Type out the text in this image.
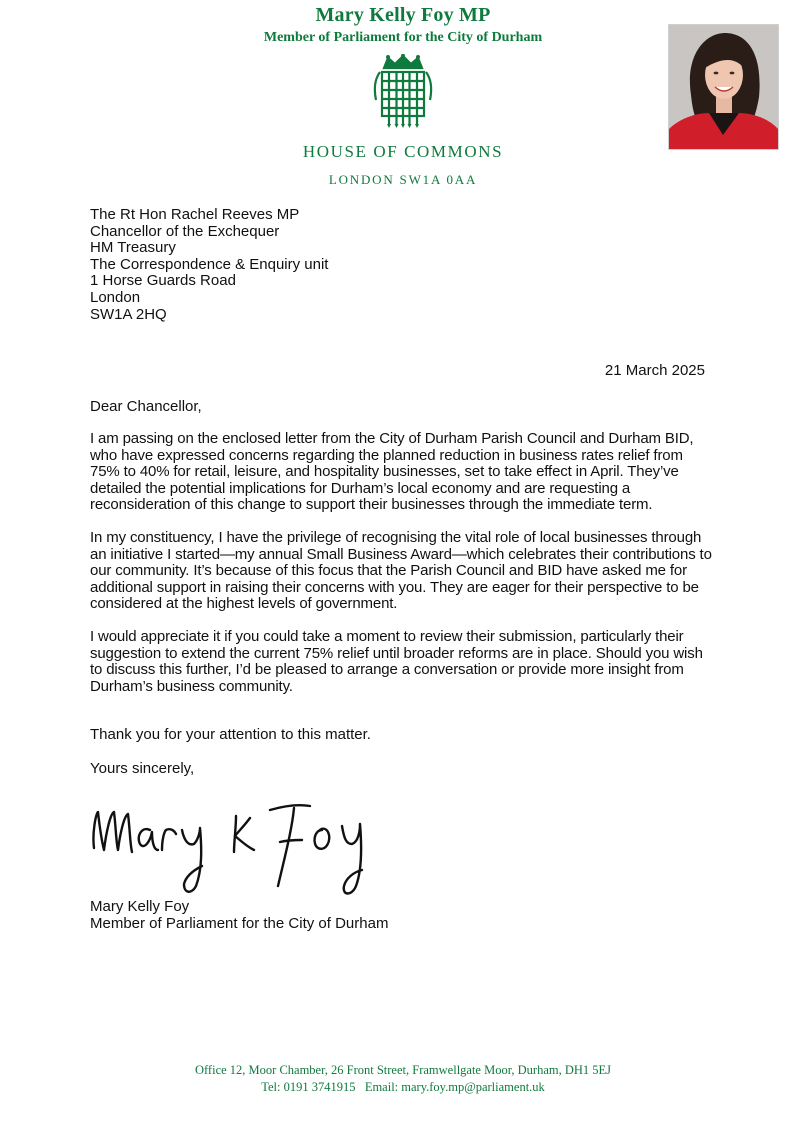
Mary Kelly Foy MP
Member of Parliament for the City of Durham
HOUSE OF COMMONS
LONDON SW1A 0AA
The Rt Hon Rachel Reeves MP
Chancellor of the Exchequer
HM Treasury
The Correspondence & Enquiry unit
1 Horse Guards Road
London
SW1A 2HQ
21 March 2025
Dear Chancellor,

I am passing on the enclosed letter from the City of Durham Parish Council and Durham BID, who have expressed concerns regarding the planned reduction in business rates relief from 75% to 40% for retail, leisure, and hospitality businesses, set to take effect in April. They’ve detailed the potential implications for Durham’s local economy and are requesting a reconsideration of this change to support their businesses through the immediate term.

In my constituency, I have the privilege of recognising the vital role of local businesses through an initiative I started—my annual Small Business Award—which celebrates their contributions to our community. It’s because of this focus that the Parish Council and BID have asked me for additional support in raising their concerns with you. They are eager for their perspective to be considered at the highest levels of government.

I would appreciate it if you could take a moment to review their submission, particularly their suggestion to extend the current 75% relief until broader reforms are in place. Should you wish to discuss this further, I’d be pleased to arrange a conversation or provide more insight from Durham’s business community.

Thank you for your attention to this matter.
Yours sincerely,
Mary Kelly Foy
Member of Parliament for the City of Durham
Office 12, Moor Chamber, 26 Front Street, Framwellgate Moor, Durham, DH1 5EJ
Tel: 0191 3741915   Email: mary.foy.mp@parliament.uk
